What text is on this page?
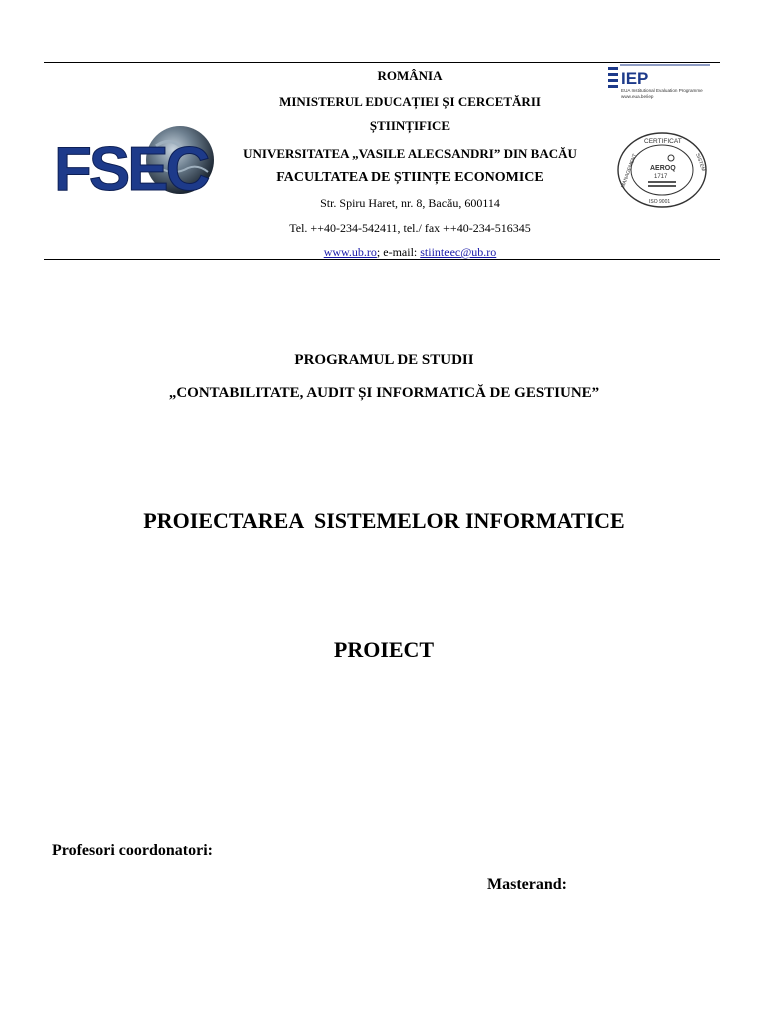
FSEC
IEP
EUA Institutional Evaluation Programme
www.eua.be/iep
CERTIFICAT
AEROQ
1717
MANAGEMENT	SISTEM
ISO 9001
ROMÂNIA
MINISTERUL EDUCAȚIEI ȘI CERCETĂRII
ȘTIINȚIFICE
UNIVERSITATEA „VASILE ALECSANDRI” DIN BACĂU
FACULTATEA DE ȘTIINȚE ECONOMICE
Str. Spiru Haret, nr. 8, Bacău, 600114
Tel. ++40-234-542411, tel./ fax ++40-234-516345
www.ub.ro; e-mail: stiinteec@ub.ro
PROGRAMUL DE STUDII
„CONTABILITATE, AUDIT ȘI INFORMATICĂ DE GESTIUNE”
PROIECTAREA  SISTEMELOR INFORMATICE
PROIECT
Profesori coordonatori:
Masterand:
